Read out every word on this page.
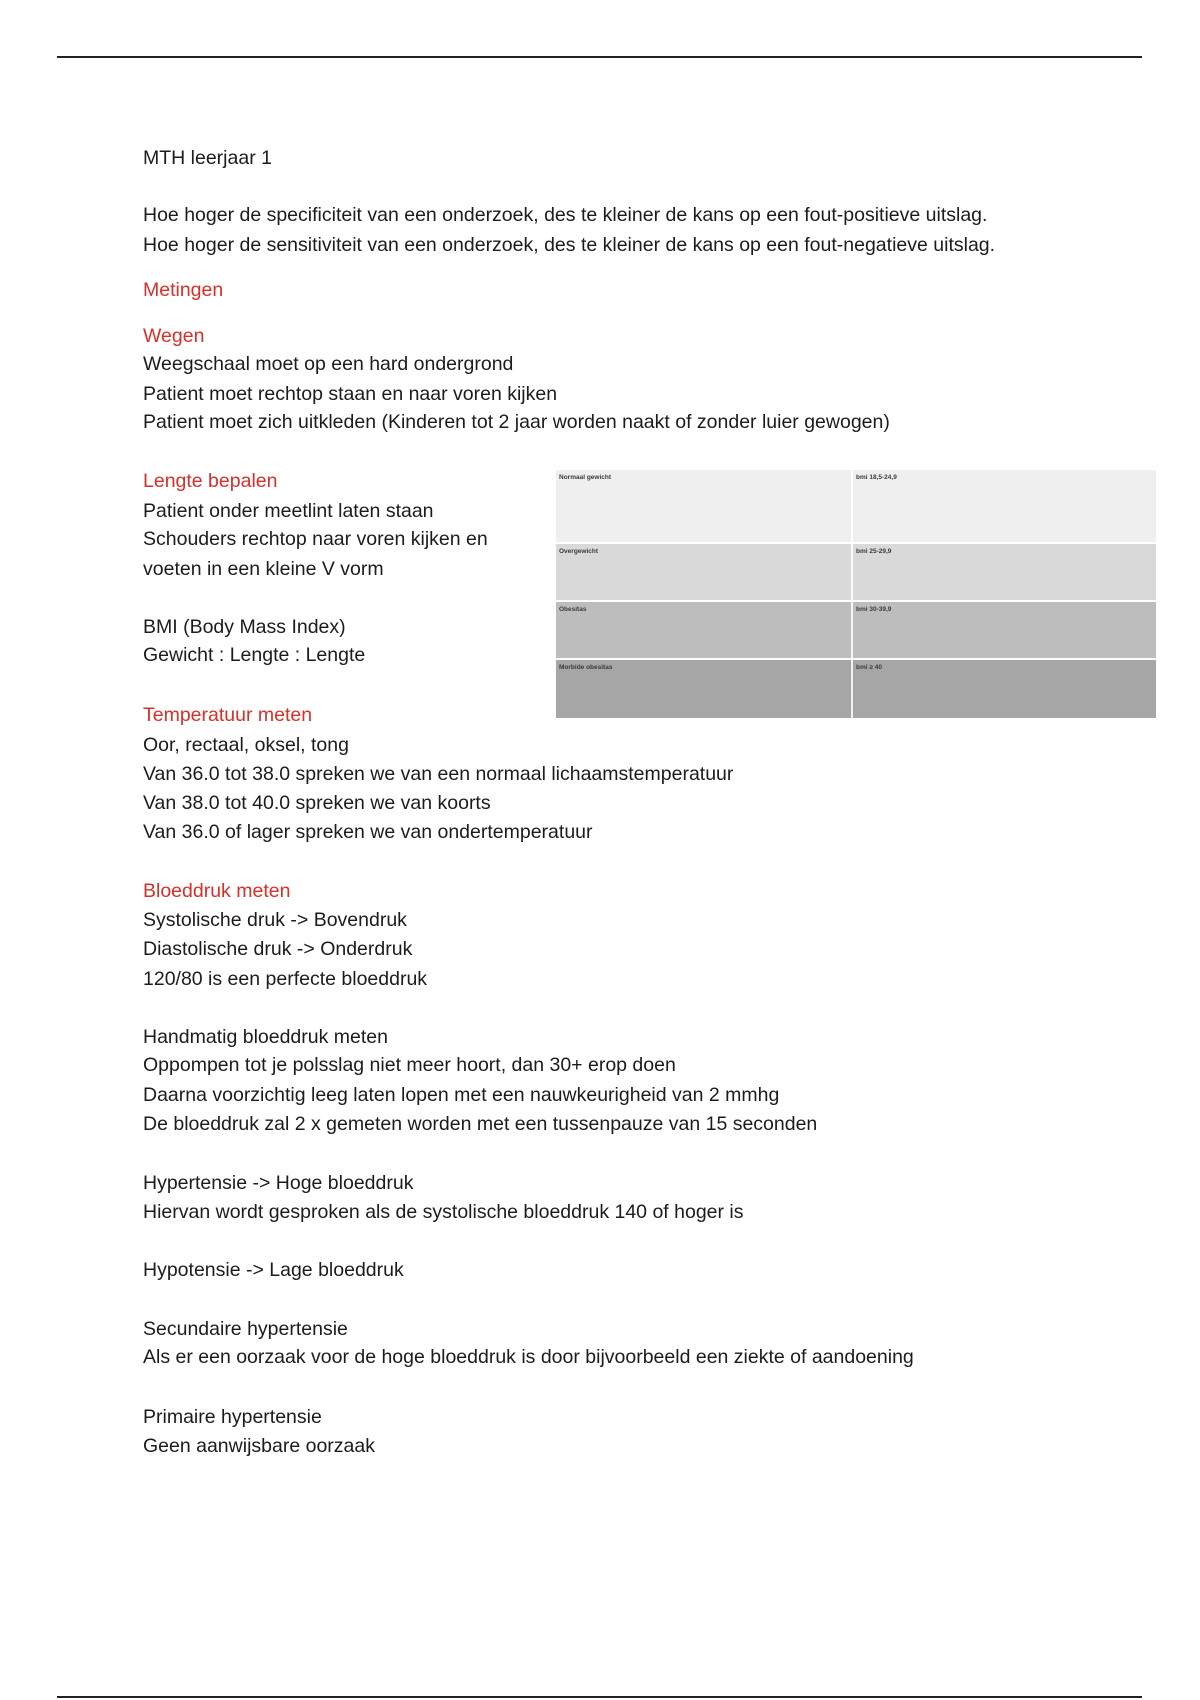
MTH leerjaar 1
Hoe hoger de specificiteit van een onderzoek, des te kleiner de kans op een fout-positieve uitslag.
Hoe hoger de sensitiviteit van een onderzoek, des te kleiner de kans op een fout-negatieve uitslag.
Metingen
Wegen
Weegschaal moet op een hard ondergrond
Patient moet rechtop staan en naar voren kijken
Patient moet zich uitkleden (Kinderen tot 2 jaar worden naakt of zonder luier gewogen)
Lengte bepalen
Patient onder meetlint laten staan
Schouders rechtop naar voren kijken en
voeten in een kleine V vorm
BMI (Body Mass Index)
Gewicht : Lengte : Lengte
Normaal gewicht	bmi 18,5-24,9
Overgewicht	bmi 25-29,9
Obesitas	bmi 30-39,9
Morbide obesitas	bmi ≥ 40
Temperatuur meten
Oor, rectaal, oksel, tong
Van 36.0 tot 38.0 spreken we van een normaal lichaamstemperatuur
Van 38.0 tot 40.0 spreken we van koorts
Van 36.0 of lager spreken we van ondertemperatuur
Bloeddruk meten
Systolische druk -> Bovendruk
Diastolische druk -> Onderdruk
120/80 is een perfecte bloeddruk
Handmatig bloeddruk meten
Oppompen tot je polsslag niet meer hoort, dan 30+ erop doen
Daarna voorzichtig leeg laten lopen met een nauwkeurigheid van 2 mmhg
De bloeddruk zal 2 x gemeten worden met een tussenpauze van 15 seconden
Hypertensie -> Hoge bloeddruk
Hiervan wordt gesproken als de systolische bloeddruk 140 of hoger is
Hypotensie -> Lage bloeddruk
Secundaire hypertensie
Als er een oorzaak voor de hoge bloeddruk is door bijvoorbeeld een ziekte of aandoening
Primaire hypertensie
Geen aanwijsbare oorzaak
